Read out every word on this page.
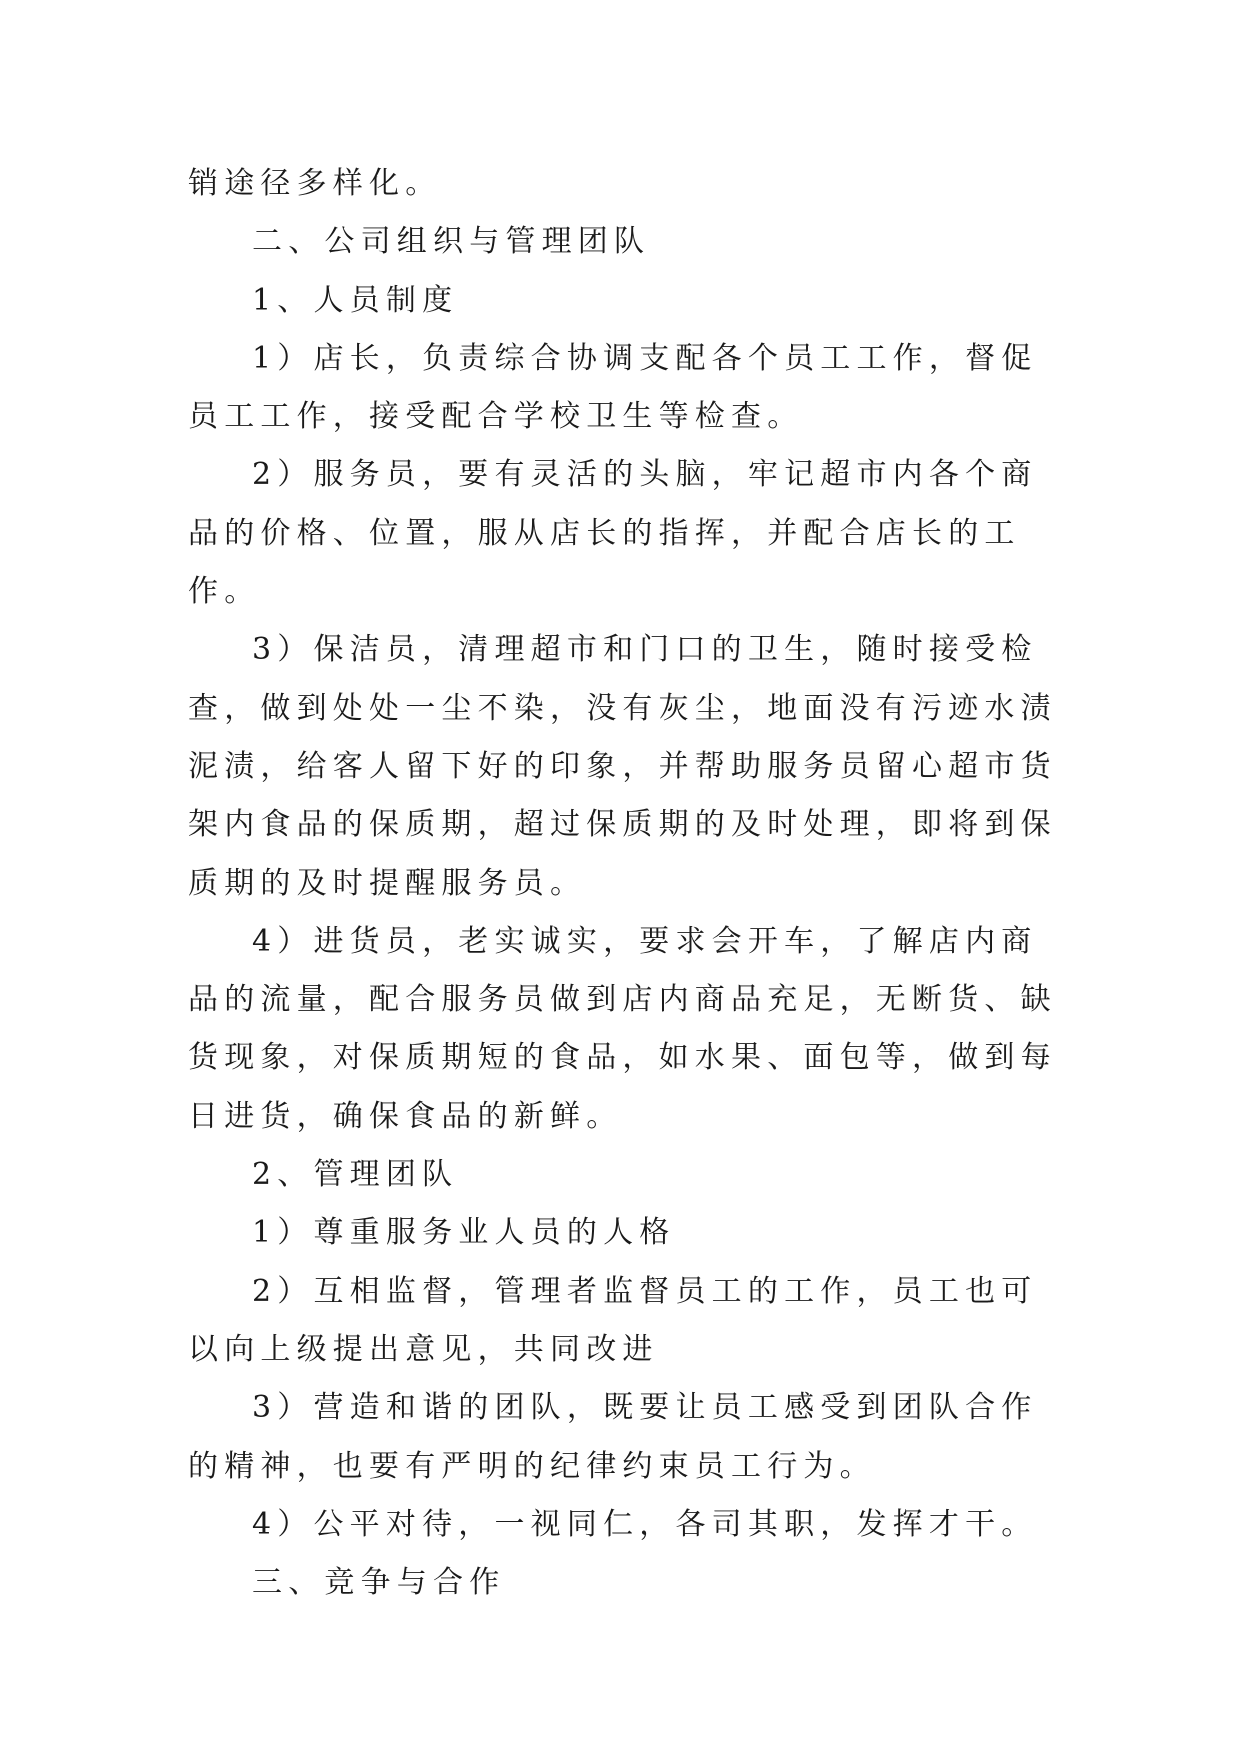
销途径多样化。

二、公司组织与管理团队

1、人员制度

1）店长，负责综合协调支配各个员工工作，督促员工工作，接受配合学校卫生等检查。

2）服务员，要有灵活的头脑，牢记超市内各个商品的价格、位置，服从店长的指挥，并配合店长的工作。

3）保洁员，清理超市和门口的卫生，随时接受检查，做到处处一尘不染，没有灰尘，地面没有污迹水渍泥渍，给客人留下好的印象，并帮助服务员留心超市货架内食品的保质期，超过保质期的及时处理，即将到保质期的及时提醒服务员。

4）进货员，老实诚实，要求会开车，了解店内商品的流量，配合服务员做到店内商品充足，无断货、缺货现象，对保质期短的食品，如水果、面包等，做到每日进货，确保食品的新鲜。

2、管理团队

1）尊重服务业人员的人格

2）互相监督，管理者监督员工的工作，员工也可以向上级提出意见，共同改进

3）营造和谐的团队，既要让员工感受到团队合作的精神，也要有严明的纪律约束员工行为。

4）公平对待，一视同仁，各司其职，发挥才干。

三、竞争与合作
